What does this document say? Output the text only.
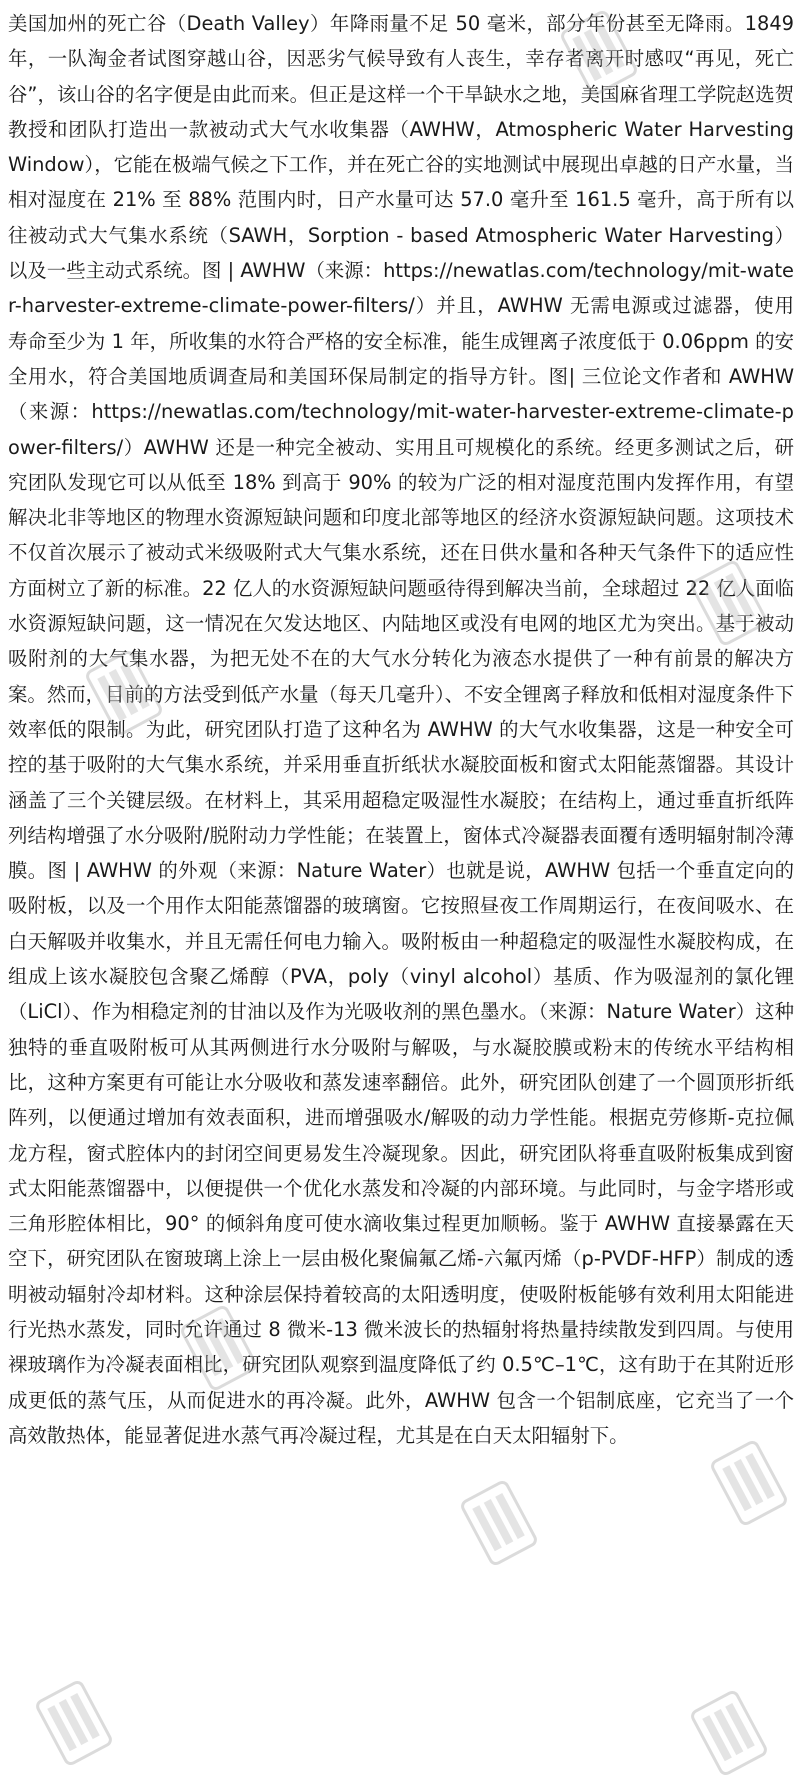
美国加州的死亡谷（Death Valley）年降雨量不足 50 毫米，部分年份甚至无降雨。1849 年，一队淘金者试图穿越山谷，因恶劣气候导致有人丧生，幸存者离开时感叹“再见，死亡谷”，该山谷的名字便是由此而来。但正是这样一个干旱缺水之地，美国麻省理工学院赵选贺教授和团队打造出一款被动式大气水收集器（AWHW，Atmospheric Water Harvesting Window），它能在极端气候之下工作，并在死亡谷的实地测试中展现出卓越的日产水量，当相对湿度在 21% 至 88% 范围内时，日产水量可达 57.0 毫升至 161.5 毫升，高于所有以往被动式大气集水系统（SAWH，Sorption - based Atmospheric Water Harvesting）以及一些主动式系统。图 | AWHW（来源：https://newatlas.com/technology/mit-water-harvester-extreme-climate-power-filters/）并且，AWHW 无需电源或过滤器，使用寿命至少为 1 年，所收集的水符合严格的安全标准，能生成锂离子浓度低于 0.06ppm 的安全用水，符合美国地质调查局和美国环保局制定的指导方针。图| 三位论文作者和 AWHW（来源：https://newatlas.com/technology/mit-water-harvester-extreme-climate-power-filters/）AWHW 还是一种完全被动、实用且可规模化的系统。经更多测试之后，研究团队发现它可以从低至 18% 到高于 90% 的较为广泛的相对湿度范围内发挥作用，有望解决北非等地区的物理水资源短缺问题和印度北部等地区的经济水资源短缺问题。这项技术不仅首次展示了被动式米级吸附式大气集水系统，还在日供水量和各种天气条件下的适应性方面树立了新的标准。22 亿人的水资源短缺问题亟待得到解决当前，全球超过 22 亿人面临水资源短缺问题，这一情况在欠发达地区、内陆地区或没有电网的地区尤为突出。基于被动吸附剂的大气集水器，为把无处不在的大气水分转化为液态水提供了一种有前景的解决方案。然而，目前的方法受到低产水量（每天几毫升）、不安全锂离子释放和低相对湿度条件下效率低的限制。为此，研究团队打造了这种名为 AWHW 的大气水收集器，这是一种安全可控的基于吸附的大气集水系统，并采用垂直折纸状水凝胶面板和窗式太阳能蒸馏器。其设计涵盖了三个关键层级。在材料上，其采用超稳定吸湿性水凝胶；在结构上，通过垂直折纸阵列结构增强了水分吸附/脱附动力学性能；在装置上，窗体式冷凝器表面覆有透明辐射制冷薄膜。图 | AWHW 的外观（来源：Nature Water）也就是说，AWHW 包括一个垂直定向的吸附板，以及一个用作太阳能蒸馏器的玻璃窗。它按照昼夜工作周期运行，在夜间吸水、在白天解吸并收集水，并且无需任何电力输入。吸附板由一种超稳定的吸湿性水凝胶构成，在组成上该水凝胶包含聚乙烯醇（PVA，poly（vinyl alcohol）基质、作为吸湿剂的氯化锂（LiCl）、作为相稳定剂的甘油以及作为光吸收剂的黑色墨水。（来源：Nature Water）这种独特的垂直吸附板可从其两侧进行水分吸附与解吸，与水凝胶膜或粉末的传统水平结构相比，这种方案更有可能让水分吸收和蒸发速率翻倍。此外，研究团队创建了一个圆顶形折纸阵列，以便通过增加有效表面积，进而增强吸水/解吸的动力学性能。根据克劳修斯-克拉佩龙方程，窗式腔体内的封闭空间更易发生冷凝现象。因此，研究团队将垂直吸附板集成到窗式太阳能蒸馏器中，以便提供一个优化水蒸发和冷凝的内部环境。与此同时，与金字塔形或三角形腔体相比，90° 的倾斜角度可使水滴收集过程更加顺畅。鉴于 AWHW 直接暴露在天空下，研究团队在窗玻璃上涂上一层由极化聚偏氟乙烯-六氟丙烯（p-PVDF-HFP）制成的透明被动辐射冷却材料。这种涂层保持着较高的太阳透明度，使吸附板能够有效利用太阳能进行光热水蒸发，同时允许通过 8 微米-13 微米波长的热辐射将热量持续散发到四周。与使用裸玻璃作为冷凝表面相比，研究团队观察到温度降低了约 0.5℃–1℃，这有助于在其附近形成更低的蒸气压，从而促进水的再冷凝。此外，AWHW 包含一个铝制底座，它充当了一个高效散热体，能显著促进水蒸气再冷凝过程，尤其是在白天太阳辐射下。
